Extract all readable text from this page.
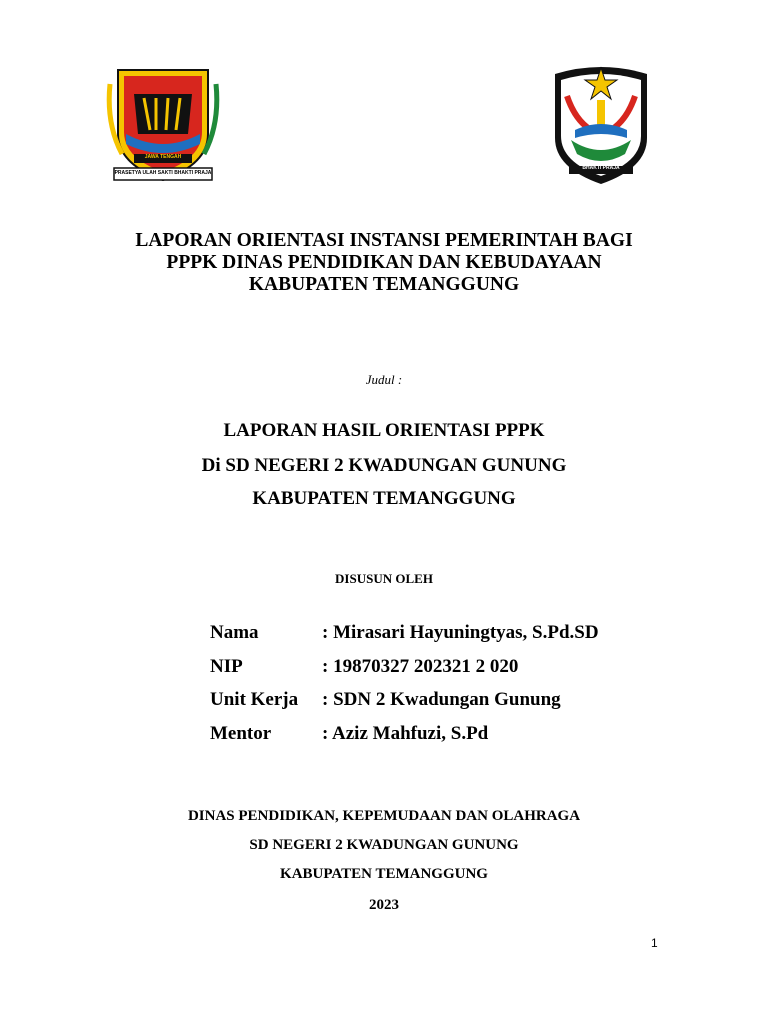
JAWA TENGAH
PRASETYA ULAH SAKTI BHAKTI PRAJA
BHAKTI PRAJA
LAPORAN ORIENTASI INSTANSI PEMERINTAH BAGI
PPPK DINAS PENDIDIKAN DAN KEBUDAYAAN
KABUPATEN TEMANGGUNG
Judul :
LAPORAN HASIL ORIENTASI PPPK
Di SD NEGERI 2 KWADUNGAN GUNUNG
KABUPATEN TEMANGGUNG
DISUSUN OLEH
Nama	: Mirasari Hayuningtyas, S.Pd.SD
NIP	: 19870327 202321 2 020
Unit Kerja : SDN 2 Kwadungan Gunung
Mentor	: Aziz Mahfuzi, S.Pd
DINAS PENDIDIKAN, KEPEMUDAAN DAN OLAHRAGA
SD NEGERI 2 KWADUNGAN GUNUNG
KABUPATEN TEMANGGUNG
2023
1
